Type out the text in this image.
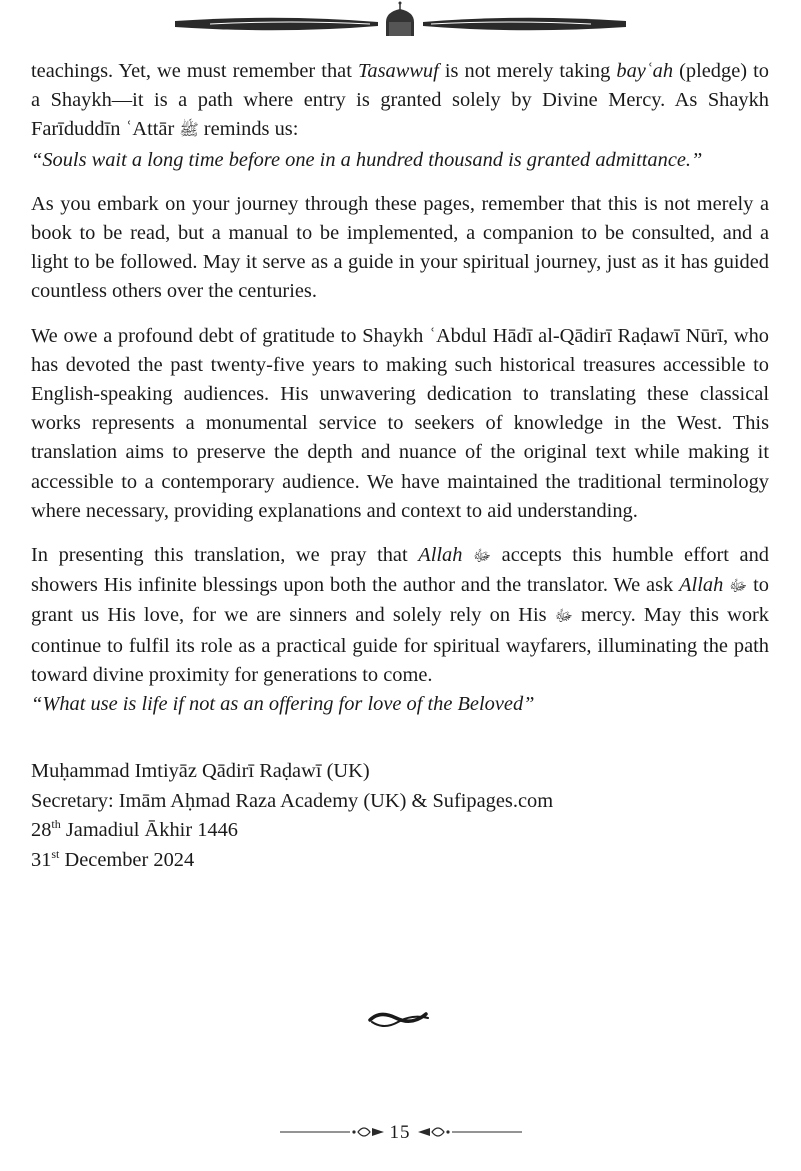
teachings. Yet, we must remember that Tasawwuf is not merely taking bayʿah (pledge) to a Shaykh—it is a path where entry is granted solely by Divine Mercy. As Shaykh Farīduddīn ʿAttār ﷺ reminds us:

“Souls wait a long time before one in a hundred thousand is granted admittance.”

As you embark on your journey through these pages, remember that this is not merely a book to be read, but a manual to be implemented, a companion to be consulted, and a light to be followed. May it serve as a guide in your spiritual journey, just as it has guided countless others over the centuries.

We owe a profound debt of gratitude to Shaykh ʿAbdul Hādī al-Qādirī Raḍawī Nūrī, who has devoted the past twenty-five years to making such historical treasures accessible to English-speaking audiences. His unwavering dedication to translating these classical works represents a monumental service to seekers of knowledge in the West. This translation aims to preserve the depth and nuance of the original text while making it accessible to a contemporary audience. We have maintained the traditional terminology where necessary, providing explanations and context to aid understanding.

In presenting this translation, we pray that Allah ﷻ accepts this humble effort and showers His infinite blessings upon both the author and the translator. We ask Allah ﷻ to grant us His love, for we are sinners and solely rely on His ﷻ mercy. May this work continue to fulfil its role as a practical guide for spiritual wayfarers, illuminating the path toward divine proximity for generations to come.

“What use is life if not as an offering for love of the Beloved”

Muḥammad Imtiyāz Qādirī Raḍawī (UK)
Secretary: Imām Aḥmad Raza Academy (UK) & Sufipages.com
28th Jamadiul Ākhir 1446
31st December 2024
15
